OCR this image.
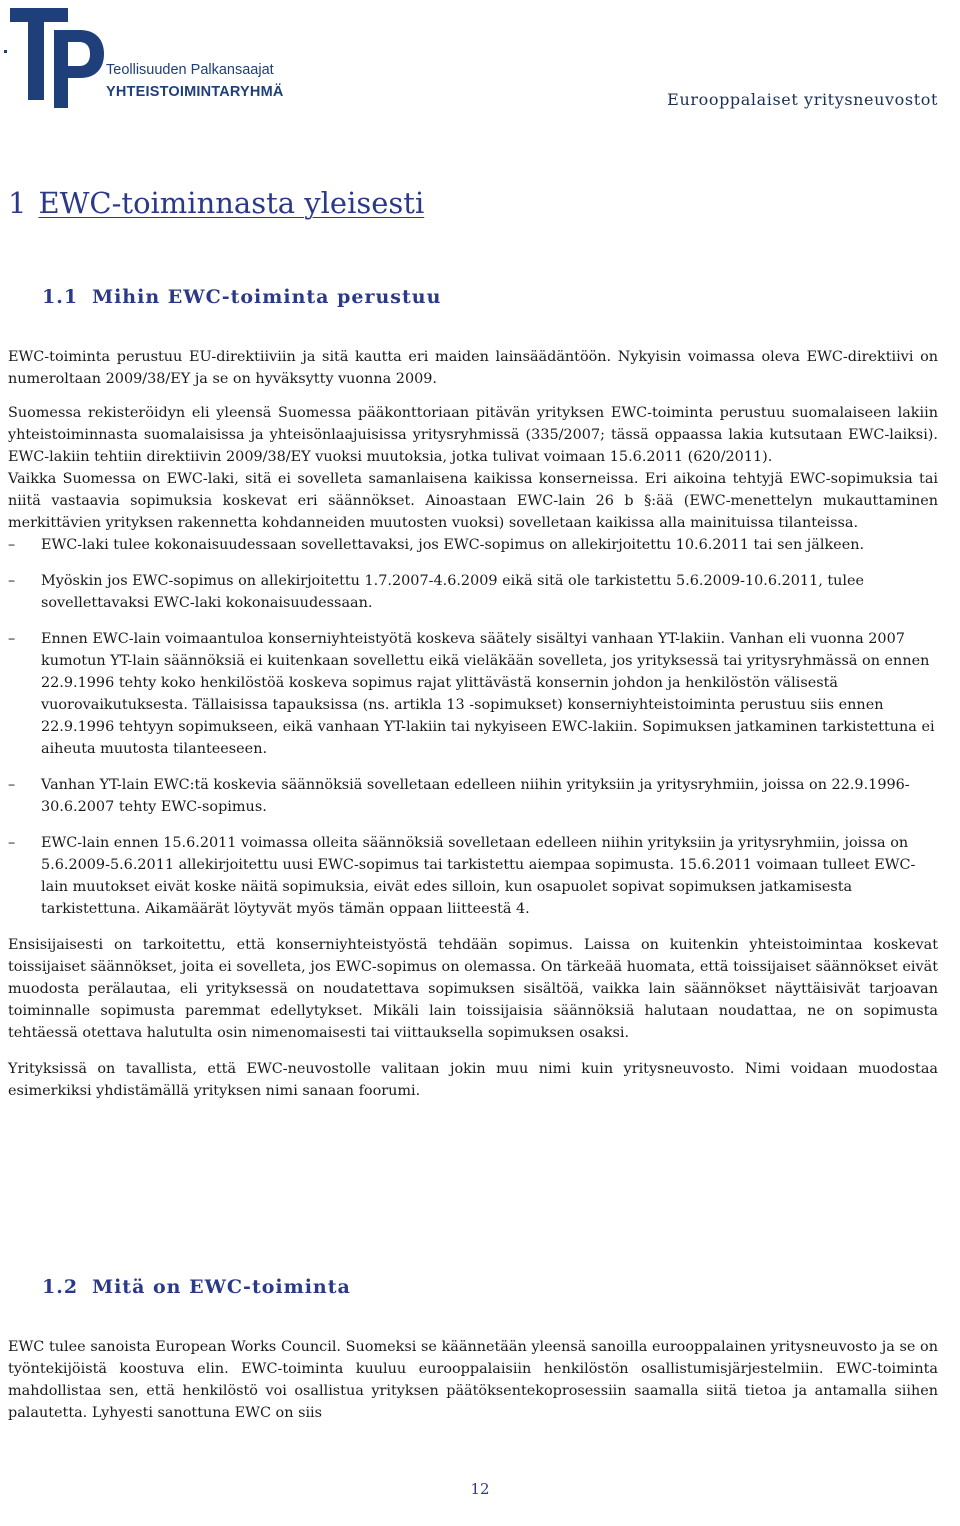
Teollisuuden Palkansaajat
YHTEISTOIMINTARYHMÄ	Eurooppalaiset yritysneuvostot
1 EWC-toiminnasta yleisesti
1.1 Mihin EWC-toiminta perustuu

EWC-toiminta perustuu EU-direktiiviin ja sitä kautta eri maiden lainsäädäntöön. Nykyisin voimassa oleva EWC-direktiivi on numeroltaan 2009/38/EY ja se on hyväksytty vuonna 2009.

Suomessa rekisteröidyn eli yleensä Suomessa pääkonttoriaan pitävän yrityksen EWC-toiminta perustuu suomalaiseen lakiin yhteistoiminnasta suomalaisissa ja yhteisönlaajuisissa yritysryhmissä (335/2007; tässä oppaassa lakia kutsutaan EWC-laiksi). EWC-lakiin tehtiin direktiivin 2009/38/EY vuoksi muutoksia, jotka tulivat voimaan 15.6.2011 (620/2011).

Vaikka Suomessa on EWC-laki, sitä ei sovelleta samanlaisena kaikissa konserneissa. Eri aikoina tehtyjä EWC-sopimuksia tai niitä vastaavia sopimuksia koskevat eri säännökset. Ainoastaan EWC-lain 26 b §:ää (EWC-menettelyn mukauttaminen merkittävien yrityksen rakennetta kohdanneiden muutosten vuoksi) sovelletaan kaikissa alla mainituissa tilanteissa.

– EWC-laki tulee kokonaisuudessaan sovellettavaksi, jos EWC-sopimus on allekirjoitettu 10.6.2011 tai sen jälkeen.
– Myöskin jos EWC-sopimus on allekirjoitettu 1.7.2007-4.6.2009 eikä sitä ole tarkistettu 5.6.2009-10.6.2011, tulee sovellettavaksi EWC-laki kokonaisuudessaan.
– Ennen EWC-lain voimaantuloa konserniyhteistyötä koskeva säätely sisältyi vanhaan YT-lakiin. Vanhan eli vuonna 2007 kumotun YT-lain säännöksiä ei kuitenkaan sovellettu eikä vieläkään sovelleta, jos yrityksessä tai yritysryhmässä on ennen 22.9.1996 tehty koko henkilöstöä koskeva sopimus rajat ylittävästä konsernin johdon ja henkilöstön välisestä vuorovaikutuksesta. Tällaisissa tapauksissa (ns. artikla 13 -sopimukset) konserniyhteistoiminta perustuu siis ennen 22.9.1996 tehtyyn sopimukseen, eikä vanhaan YT-lakiin tai nykyiseen EWC-lakiin. Sopimuksen jatkaminen tarkistettuna ei aiheuta muutosta tilanteeseen.
– Vanhan YT-lain EWC:tä koskevia säännöksiä sovelletaan edelleen niihin yrityksiin ja yritysryhmiin, joissa on 22.9.1996-30.6.2007 tehty EWC-sopimus.
– EWC-lain ennen 15.6.2011 voimassa olleita säännöksiä sovelletaan edelleen niihin yrityksiin ja yritysryhmiin, joissa on 5.6.2009-5.6.2011 allekirjoitettu uusi EWC-sopimus tai tarkistettu aiempaa sopimusta. 15.6.2011 voimaan tulleet EWC-lain muutokset eivät koske näitä sopimuksia, eivät edes silloin, kun osapuolet sopivat sopimuksen jatkamisesta tarkistettuna. Aikamäärät löytyvät myös tämän oppaan liitteestä 4.

Ensisijaisesti on tarkoitettu, että konserniyhteistyöstä tehdään sopimus. Laissa on kuitenkin yhteistoimintaa koskevat toissijaiset säännökset, joita ei sovelleta, jos EWC-sopimus on olemassa. On tärkeää huomata, että toissijaiset säännökset eivät muodosta perälautaa, eli yrityksessä on noudatettava sopimuksen sisältöä, vaikka lain säännökset näyttäisivät tarjoavan toiminnalle sopimusta paremmat edellytykset. Mikäli lain toissijaisia säännöksiä halutaan noudattaa, ne on sopimusta tehtäessä otettava halutulta osin nimenomaisesti tai viittauksella sopimuksen osaksi.

Yrityksissä on tavallista, että EWC-neuvostolle valitaan jokin muu nimi kuin yritysneuvosto. Nimi voidaan muodostaa esimerkiksi yhdistämällä yrityksen nimi sanaan foorumi.

1.2 Mitä on EWC-toiminta

EWC tulee sanoista European Works Council. Suomeksi se käännetään yleensä sanoilla eurooppalainen yritysneuvosto ja se on työntekijöistä koostuva elin. EWC-toiminta kuuluu eurooppalaisiin henkilöstön osallistumisjärjestelmiin. EWC-toiminta mahdollistaa sen, että henkilöstö voi osallistua yrityksen päätöksentekoprosessiin saamalla siitä tietoa ja antamalla siihen palautetta. Lyhyesti sanottuna EWC on siis

12
